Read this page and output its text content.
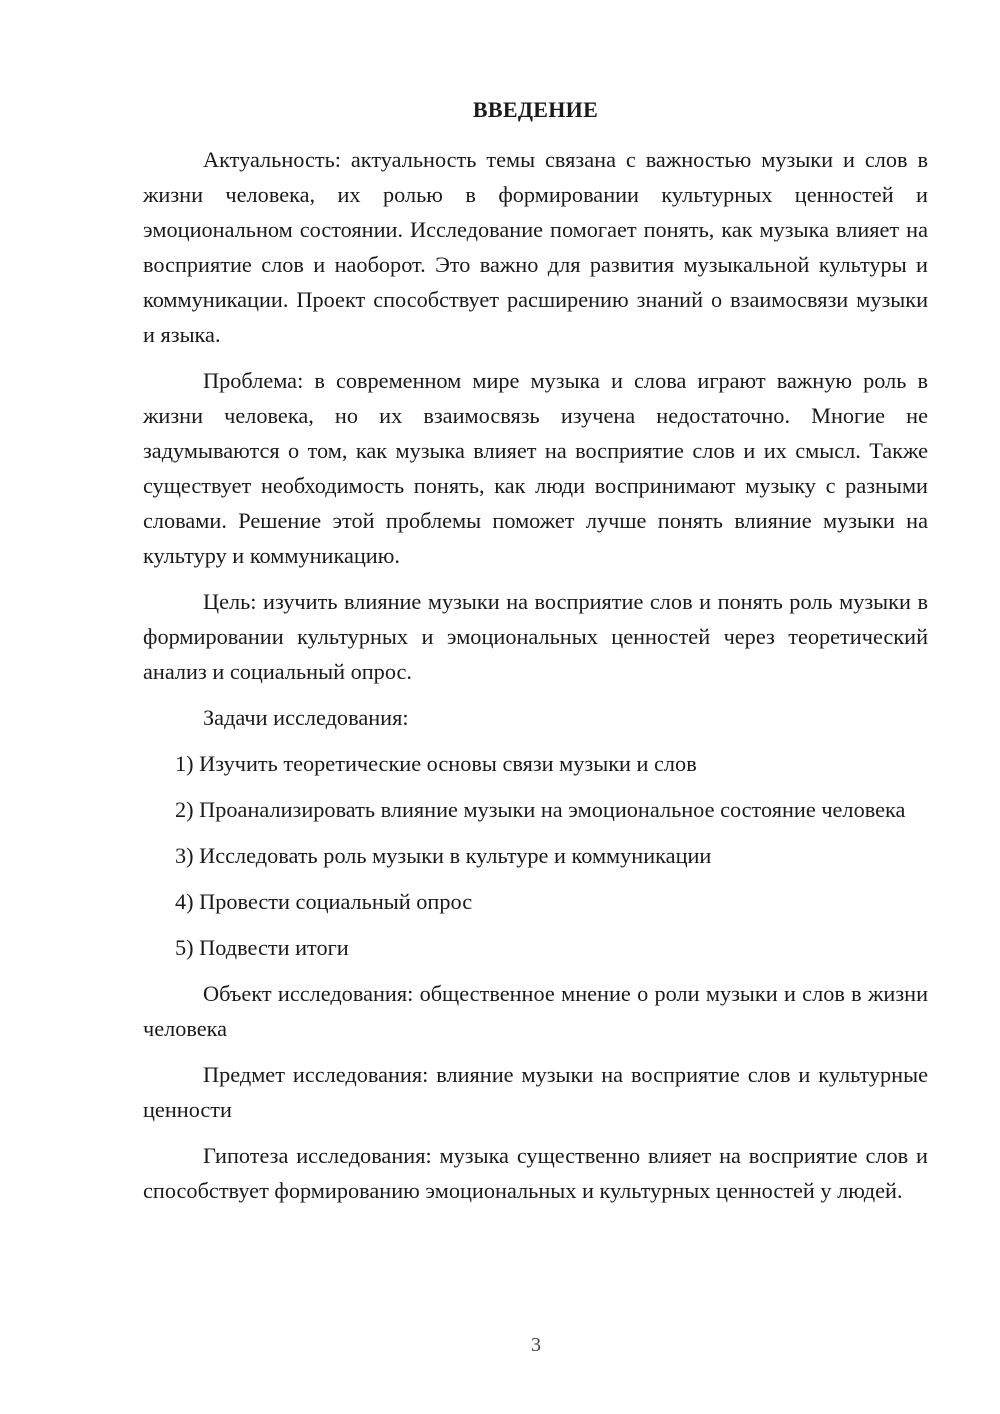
ВВЕДЕНИЕ

Актуальность: актуальность темы связана с важностью музыки и слов в жизни человека, их ролью в формировании культурных ценностей и эмоциональном состоянии. Исследование помогает понять, как музыка влияет на восприятие слов и наоборот. Это важно для развития музыкальной культуры и коммуникации. Проект способствует расширению знаний о взаимосвязи музыки и языка.

Проблема: в современном мире музыка и слова играют важную роль в жизни человека, но их взаимосвязь изучена недостаточно. Многие не задумываются о том, как музыка влияет на восприятие слов и их смысл. Также существует необходимость понять, как люди воспринимают музыку с разными словами. Решение этой проблемы поможет лучше понять влияние музыки на культуру и коммуникацию.

Цель: изучить влияние музыки на восприятие слов и понять роль музыки в формировании культурных и эмоциональных ценностей через теоретический анализ и социальный опрос.

Задачи исследования:

1) Изучить теоретические основы связи музыки и слов

2) Проанализировать влияние музыки на эмоциональное состояние человека

3) Исследовать роль музыки в культуре и коммуникации

4) Провести социальный опрос

5) Подвести итоги

Объект исследования: общественное мнение о роли музыки и слов в жизни человека

Предмет исследования: влияние музыки на восприятие слов и культурные ценности

Гипотеза исследования: музыка существенно влияет на восприятие слов и способствует формированию эмоциональных и культурных ценностей у людей.

3
